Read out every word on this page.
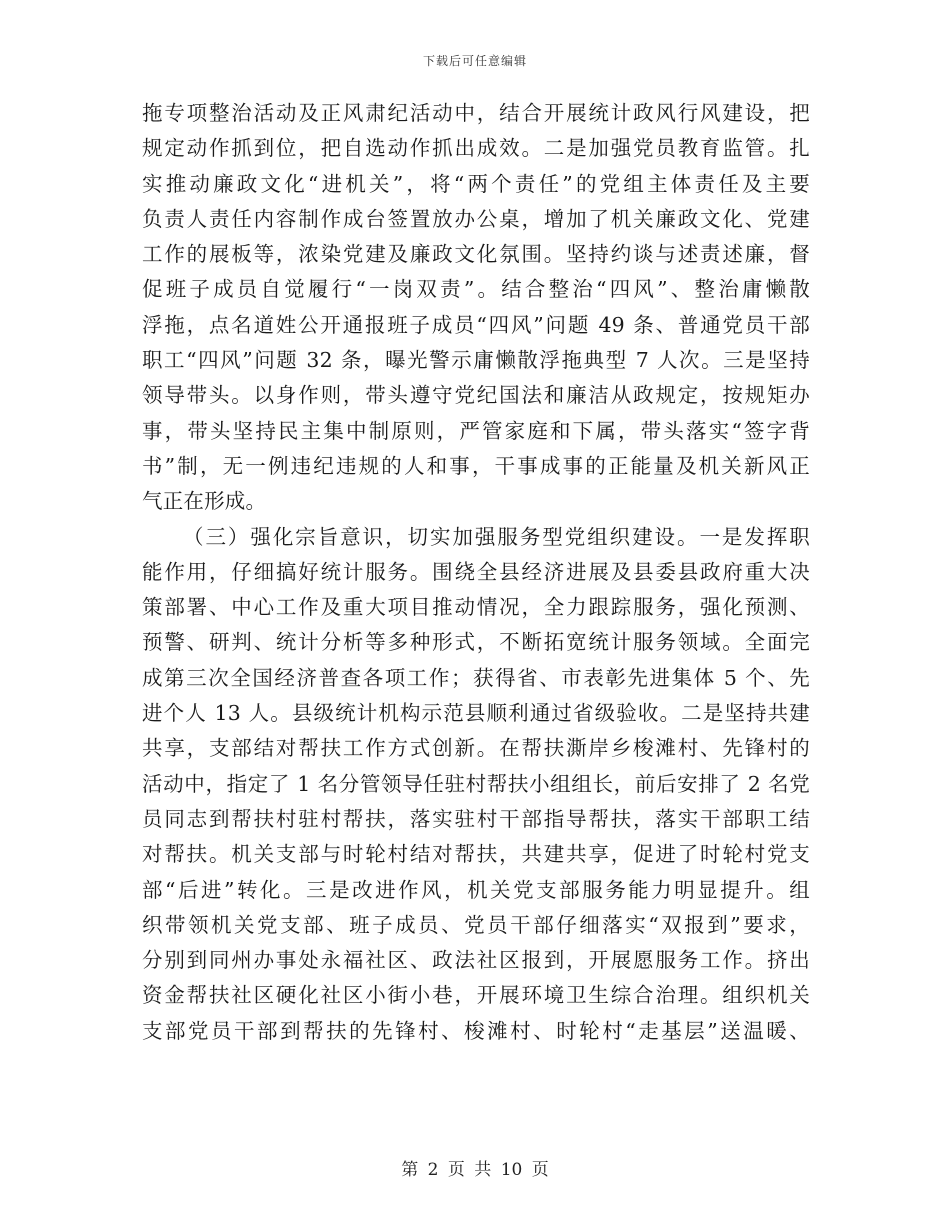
下载后可任意编辑
拖专项整治活动及正风肃纪活动中，结合开展统计政风行风建设，把
规定动作抓到位，把自选动作抓出成效。二是加强党员教育监管。扎
实推动廉政文化“进机关”，将“两个责任”的党组主体责任及主要
负责人责任内容制作成台签置放办公桌，增加了机关廉政文化、党建
工作的展板等，浓染党建及廉政文化氛围。坚持约谈与述责述廉，督
促班子成员自觉履行“一岗双责”。结合整治“四风”、整治庸懒散
浮拖，点名道姓公开通报班子成员“四风”问题 49 条、普通党员干部
职工“四风”问题 32 条，曝光警示庸懒散浮拖典型 7 人次。三是坚持
领导带头。以身作则，带头遵守党纪国法和廉洁从政规定，按规矩办
事，带头坚持民主集中制原则，严管家庭和下属，带头落实“签字背
书”制，无一例违纪违规的人和事，干事成事的正能量及机关新风正
气正在形成。
（三）强化宗旨意识，切实加强服务型党组织建设。一是发挥职
能作用，仔细搞好统计服务。围绕全县经济进展及县委县政府重大决
策部署、中心工作及重大项目推动情况，全力跟踪服务，强化预测、
预警、研判、统计分析等多种形式，不断拓宽统计服务领域。全面完
成第三次全国经济普查各项工作；获得省、市表彰先进集体 5 个、先
进个人 13 人。县级统计机构示范县顺利通过省级验收。二是坚持共建
共享，支部结对帮扶工作方式创新。在帮扶澌岸乡梭滩村、先锋村的
活动中，指定了 1 名分管领导任驻村帮扶小组组长，前后安排了 2 名党
员同志到帮扶村驻村帮扶，落实驻村干部指导帮扶，落实干部职工结
对帮扶。机关支部与时轮村结对帮扶，共建共享，促进了时轮村党支
部“后进”转化。三是改进作风，机关党支部服务能力明显提升。组
织带领机关党支部、班子成员、党员干部仔细落实“双报到”要求，
分别到同州办事处永福社区、政法社区报到，开展愿服务工作。挤出
资金帮扶社区硬化社区小街小巷，开展环境卫生综合治理。组织机关
支部党员干部到帮扶的先锋村、梭滩村、时轮村“走基层”送温暖、
第 2 页 共 10 页
